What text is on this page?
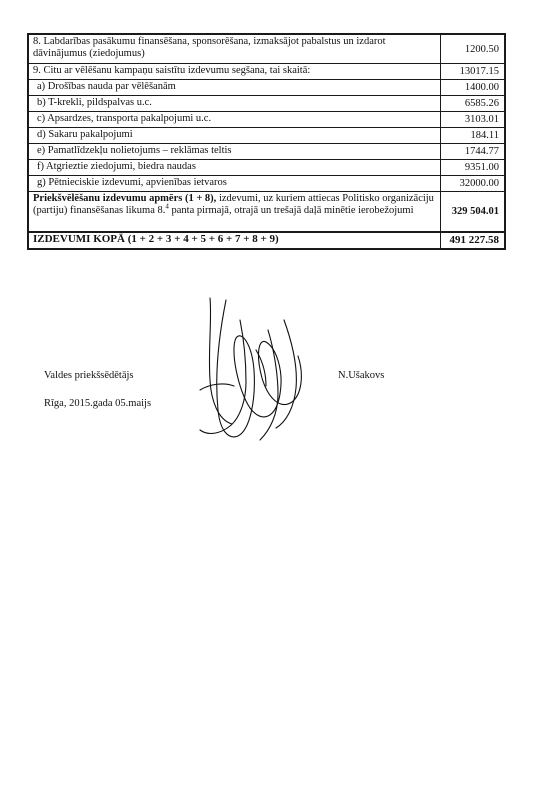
8. Labdarības pasākumu finansēšana, sponsorēšana, izmaksājot pabalstus un izdarot dāvinājumus (ziedojumus)	1200.50
9. Citu ar vēlēšanu kampaņu saistītu izdevumu segšana, tai skaitā:	13017.15
a) Drošības nauda par vēlēšanām	1400.00
b) T-krekli, pildspalvas u.c.	6585.26
c) Apsardzes, transporta pakalpojumi u.c.	3103.01
d) Sakaru pakalpojumi	184.11
e) Pamatlīdzekļu nolietojums – reklāmas teltis	1744.77
f) Atgrieztie ziedojumi, biedra naudas	9351.00
g) Pētnieciskie izdevumi, apvienības ietvaros	32000.00
Priekšvēlēšanu izdevumu apmērs (1 + 8), izdevumi, uz kuriem attiecas Politisko organizāciju (partiju) finansēšanas likuma 8.$^4$ panta pirmajā, otrajā un trešajā daļā minētie ierobežojumi	329 504.01
IZDEVUMI KOPĀ (1 + 2 + 3 + 4 + 5 + 6 + 7 + 8 + 9)	491 227.58
Valdes priekšsēdētājs	N.Ušakovs
Rīga, 2015.gada 05.maijs
